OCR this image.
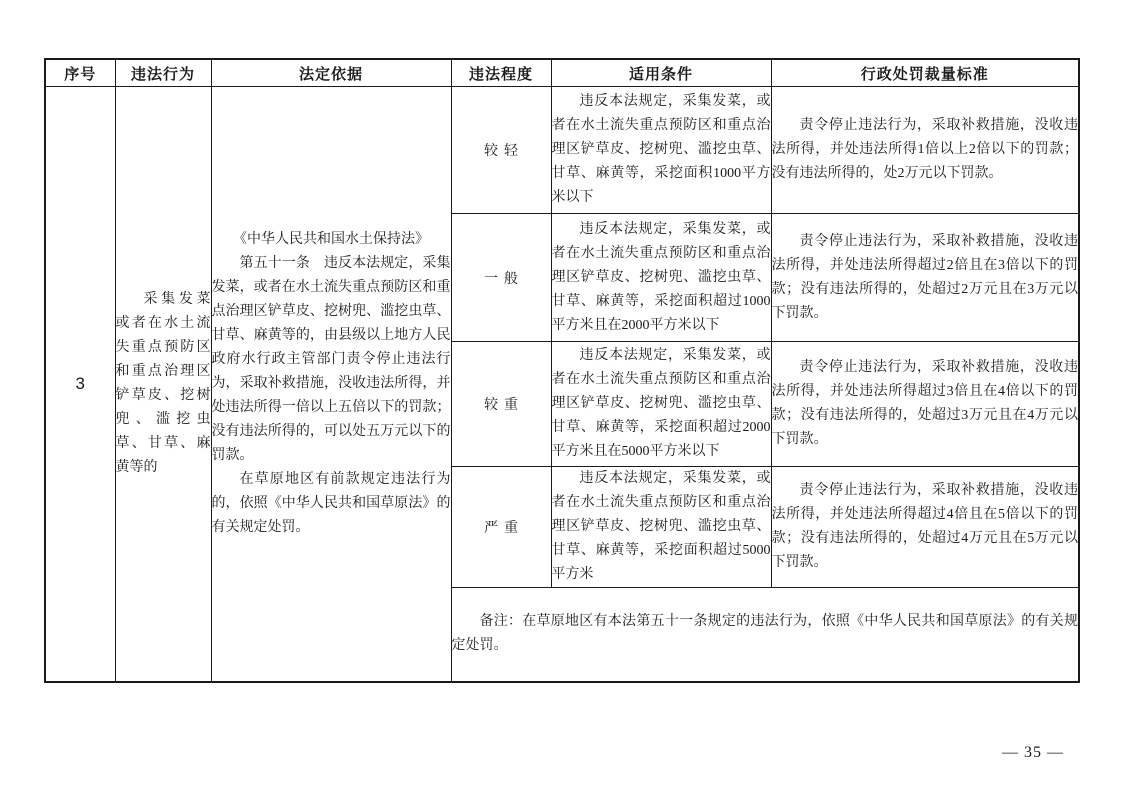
序号	违法行为	法定依据	违法程度	适用条件	行政处罚裁量标准
3	采集发菜或者在水土流失重点预防区和重点治理区铲草皮、挖树兜、滥挖虫草、甘草、麻黄等的	《中华人民共和国水土保持法》

第五十一条　违反本法规定，采集发菜，或者在水土流失重点预防区和重点治理区铲草皮、挖树兜、滥挖虫草、甘草、麻黄等的，由县级以上地方人民政府水行政主管部门责令停止违法行为，采取补救措施，没收违法所得，并处违法所得一倍以上五倍以下的罚款；没有违法所得的，可以处五万元以下的罚款。

在草原地区有前款规定违法行为的，依照《中华人民共和国草原法》的有关规定处罚。	较轻	违反本法规定，采集发菜，或者在水土流失重点预防区和重点治理区铲草皮、挖树兜、滥挖虫草、甘草、麻黄等，采挖面积1000平方米以下	责令停止违法行为，采取补救措施，没收违法所得，并处违法所得1倍以上2倍以下的罚款；没有违法所得的，处2万元以下罚款。

			一般	违反本法规定，采集发菜，或者在水土流失重点预防区和重点治理区铲草皮、挖树兜、滥挖虫草、甘草、麻黄等，采挖面积超过1000平方米且在2000平方米以下	责令停止违法行为，采取补救措施，没收违法所得，并处违法所得超过2倍且在3倍以下的罚款；没有违法所得的，处超过2万元且在3万元以下罚款。

			较重	违反本法规定，采集发菜，或者在水土流失重点预防区和重点治理区铲草皮、挖树兜、滥挖虫草、甘草、麻黄等，采挖面积超过2000平方米且在5000平方米以下	责令停止违法行为，采取补救措施，没收违法所得，并处违法所得超过3倍且在4倍以下的罚款；没有违法所得的，处超过3万元且在4万元以下罚款。

			严重	违反本法规定，采集发菜，或者在水土流失重点预防区和重点治理区铲草皮、挖树兜、滥挖虫草、甘草、麻黄等，采挖面积超过5000平方米	责令停止违法行为，采取补救措施，没收违法所得，并处违法所得超过4倍且在5倍以下的罚款；没有违法所得的，处超过4万元且在5万元以下罚款。

			备注：在草原地区有本法第五十一条规定的违法行为，依照《中华人民共和国草原法》的有关规定处罚。		

— 35 —
